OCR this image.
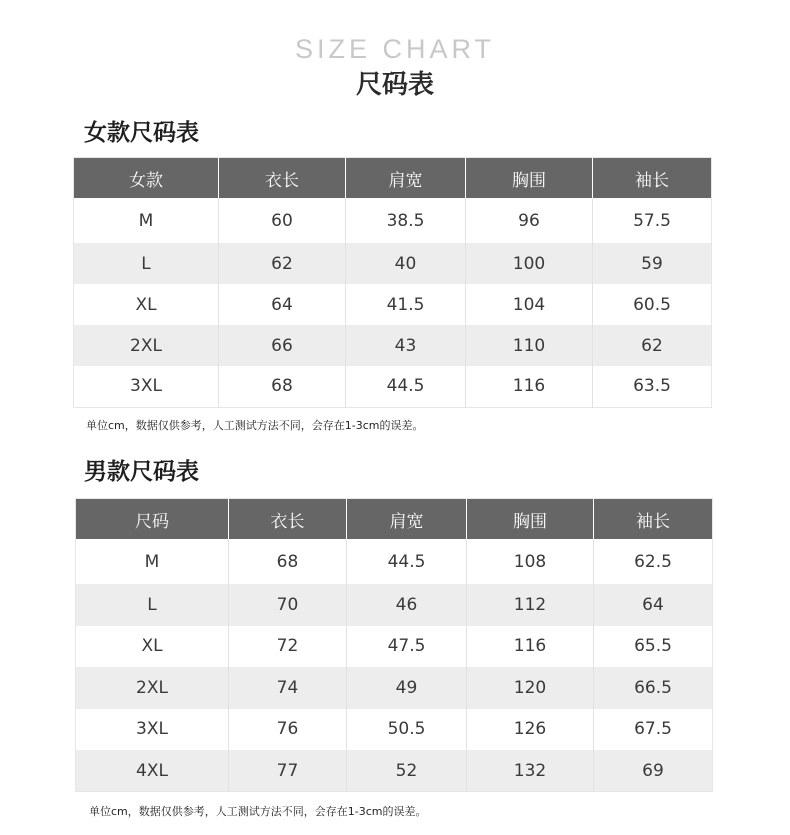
SIZE CHART
尺码表
女款尺码表
女款	衣长	肩宽	胸围	袖长
M	60	38.5	96	57.5
L	62	40	100	59
XL	64	41.5	104	60.5
2XL	66	43	110	62
3XL	68	44.5	116	63.5
单位cm，数据仅供参考，人工测试方法不同，会存在1-3cm的误差。
男款尺码表
尺码	衣长	肩宽	胸围	袖长
M	68	44.5	108	62.5
L	70	46	112	64
XL	72	47.5	116	65.5
2XL	74	49	120	66.5
3XL	76	50.5	126	67.5
4XL	77	52	132	69
单位cm，数据仅供参考，人工测试方法不同，会存在1-3cm的误差。
